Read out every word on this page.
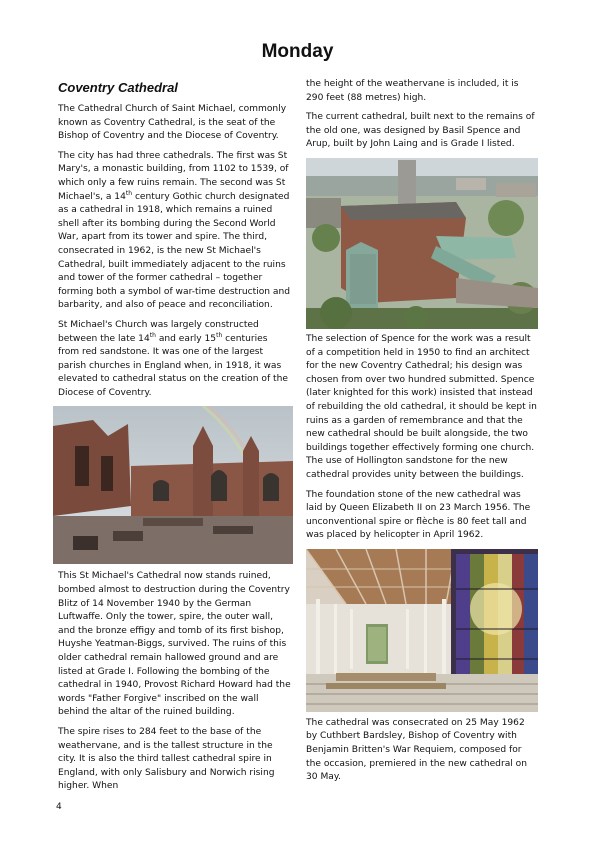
Monday
Coventry Cathedral

The Cathedral Church of Saint Michael, commonly known as Coventry Cathedral, is the seat of the Bishop of Coventry and the Diocese of Coventry.

The city has had three cathedrals. The first was St Mary's, a monastic building, from 1102 to 1539, of which only a few ruins remain. The second was St Michael's, a 14th century Gothic church designated as a cathedral in 1918, which remains a ruined shell after its bombing during the Second World War, apart from its tower and spire. The third, consecrated in 1962, is the new St Michael's Cathedral, built immediately adjacent to the ruins and tower of the former cathedral – together forming both a symbol of war-time destruction and barbarity, and also of peace and reconciliation.

St Michael's Church was largely constructed between the late 14th and early 15th centuries from red sandstone. It was one of the largest parish churches in England when, in 1918, it was elevated to cathedral status on the creation of the Diocese of Coventry.

This St Michael's Cathedral now stands ruined, bombed almost to destruction during the Coventry Blitz of 14 November 1940 by the German Luftwaffe. Only the tower, spire, the outer wall, and the bronze effigy and tomb of its first bishop, Huyshe Yeatman-Biggs, survived. The ruins of this older cathedral remain hallowed ground and are listed at Grade I. Following the bombing of the cathedral in 1940, Provost Richard Howard had the words "Father Forgive" inscribed on the wall behind the altar of the ruined building.

The spire rises to 284 feet to the base of the weathervane, and is the tallest structure in the city. It is also the third tallest cathedral spire in England, with only Salisbury and Norwich rising higher. When

the height of the weathervane is included, it is 290 feet (88 metres) high.

The current cathedral, built next to the remains of the old one, was designed by Basil Spence and Arup, built by John Laing and is Grade I listed.

The selection of Spence for the work was a result of a competition held in 1950 to find an architect for the new Coventry Cathedral; his design was chosen from over two hundred submitted. Spence (later knighted for this work) insisted that instead of rebuilding the old cathedral, it should be kept in ruins as a garden of remembrance and that the new cathedral should be built alongside, the two buildings together effectively forming one church. The use of Hollington sandstone for the new cathedral provides unity between the buildings.

The foundation stone of the new cathedral was laid by Queen Elizabeth II on 23 March 1956. The unconventional spire or flèche is 80 feet tall and was placed by helicopter in April 1962.

The cathedral was consecrated on 25 May 1962 by Cuthbert Bardsley, Bishop of Coventry with Benjamin Britten's War Requiem, composed for the occasion, premiered in the new cathedral on 30 May.

4
